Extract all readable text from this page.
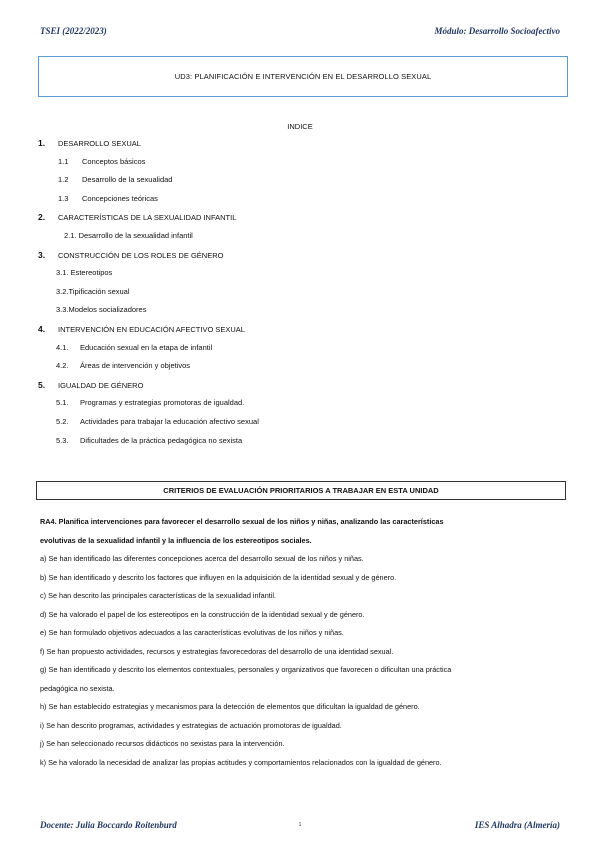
TSEI (2022/2023)	Módulo: Desarrollo Socioafectivo
UD3: PLANIFICACIÓN E INTERVENCIÓN EN EL DESARROLLO SEXUAL
INDICE
1. DESARROLLO SEXUAL
1.1 Conceptos básicos
1.2 Desarrollo de la sexualidad
1.3 Concepciones teóricas
2. CARACTERÍSTICAS DE LA SEXUALIDAD INFANTIL
2.1. Desarrollo de la sexualidad infantil
3. CONSTRUCCIÓN DE LOS ROLES DE GÉNERO
3.1. Estereotipos
3.2.Tipificación sexual
3.3.Modelos socializadores
4. INTERVENCIÓN EN EDUCACIÓN AFECTIVO SEXUAL
4.1. Educación sexual en la etapa de infantil
4.2. Áreas de intervención y objetivos
5. IGUALDAD DE GÉNERO
5.1. Programas y estrategias promotoras de igualdad.
5.2. Actividades para trabajar la educación afectivo sexual
5.3. Dificultades de la práctica pedagógica no sexista
CRITERIOS DE EVALUACIÓN PRIORITARIOS A TRABAJAR EN ESTA UNIDAD
RA4. Planifica intervenciones para favorecer el desarrollo sexual de los niños y niñas, analizando las características
evolutivas de la sexualidad infantil y la influencia de los estereotipos sociales.
a) Se han identificado las diferentes concepciones acerca del desarrollo sexual de los niños y niñas.
b) Se han identificado y descrito los factores que influyen en la adquisición de la identidad sexual y de género.
c) Se han descrito las principales características de la sexualidad infantil.
d) Se ha valorado el papel de los estereotipos en la construcción de la identidad sexual y de género.
e) Se han formulado objetivos adecuados a las características evolutivas de los niños y niñas.
f) Se han propuesto actividades, recursos y estrategias favorecedoras del desarrollo de una identidad sexual.
g) Se han identificado y descrito los elementos contextuales, personales y organizativos que favorecen o dificultan una práctica
pedagógica no sexista.
h) Se han establecido estrategias y mecanismos para la detección de elementos que dificultan la igualdad de género.
i) Se han descrito programas, actividades y estrategias de actuación promotoras de igualdad.
j) Se han seleccionado recursos didácticos no sexistas para la intervención.
k) Se ha valorado la necesidad de analizar las propias actitudes y comportamientos relacionados con la igualdad de género.
Docente: Julia Boccardo Roitenburd	1	IES Alhadra (Almería)
